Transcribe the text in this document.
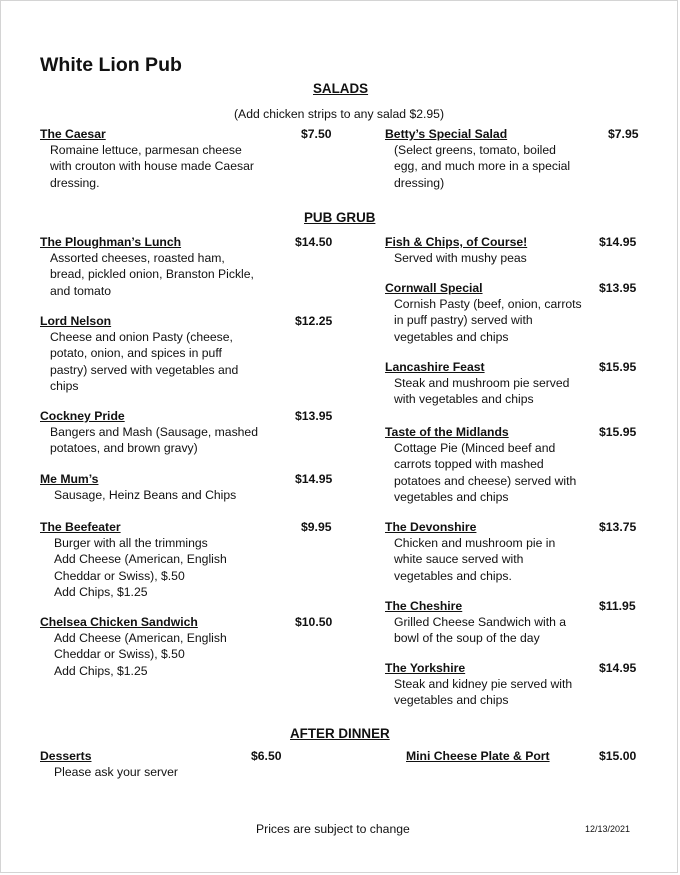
White Lion Pub
SALADS
(Add chicken strips to any salad $2.95)
The Caesar	$7.50
Romaine lettuce, parmesan cheese
with crouton with house made Caesar
dressing.
Betty’s Special Salad	$7.95
(Select greens, tomato, boiled
egg, and much more in a special
dressing)
PUB GRUB
The Ploughman’s Lunch	$14.50
Assorted cheeses, roasted ham,
bread, pickled onion, Branston Pickle,
and tomato
Lord Nelson	$12.25
Cheese and onion Pasty (cheese,
potato, onion, and spices in puff
pastry) served with vegetables and
chips
Cockney Pride	$13.95
Bangers and Mash (Sausage, mashed
potatoes, and brown gravy)
Me Mum’s	$14.95
Sausage, Heinz Beans and Chips
The Beefeater	$9.95
Burger with all the trimmings
Add Cheese (American, English
Cheddar or Swiss), $.50
Add Chips, $1.25
Chelsea Chicken Sandwich	$10.50
Add Cheese (American, English
Cheddar or Swiss), $.50
Add Chips, $1.25
Fish & Chips, of Course!	$14.95
Served with mushy peas
Cornwall Special	$13.95
Cornish Pasty (beef, onion, carrots
in puff pastry) served with
vegetables and chips
Lancashire Feast	$15.95
Steak and mushroom pie served
with vegetables and chips
Taste of the Midlands	$15.95
Cottage Pie (Minced beef and
carrots topped with mashed
potatoes and cheese) served with
vegetables and chips
The Devonshire	$13.75
Chicken and mushroom pie in
white sauce served with
vegetables and chips.
The Cheshire	$11.95
Grilled Cheese Sandwich with a
bowl of the soup of the day
The Yorkshire	$14.95
Steak and kidney pie served with
vegetables and chips
AFTER DINNER
Desserts	$6.50
Please ask your server
Mini Cheese Plate & Port	$15.00
Prices are subject to change	12/13/2021
